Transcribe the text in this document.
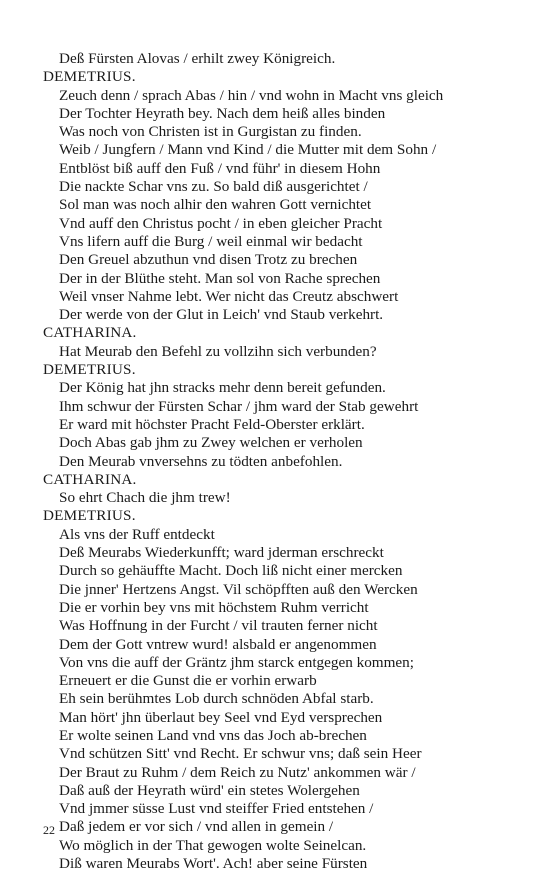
Deß Fürsten Alovas / erhilt zwey Königreich.
DEMETRIUS.
Zeuch denn / sprach Abas / hin / vnd wohn in Macht vns gleich
Der Tochter Heyrath bey. Nach dem heiß alles binden
Was noch von Christen ist in Gurgistan zu finden.
Weib / Jungfern / Mann vnd Kind / die Mutter mit dem Sohn /
Entblöst biß auff den Fuß / vnd führ' in diesem Hohn
Die nackte Schar vns zu. So bald diß ausgerichtet /
Sol man was noch alhir den wahren Gott vernichtet
Vnd auff den Christus pocht / in eben gleicher Pracht
Vns lifern auff die Burg / weil einmal wir bedacht
Den Greuel abzuthun vnd disen Trotz zu brechen
Der in der Blüthe steht. Man sol von Rache sprechen
Weil vnser Nahme lebt. Wer nicht das Creutz abschwert
Der werde von der Glut in Leich' vnd Staub verkehrt.
CATHARINA.
Hat Meurab den Befehl zu vollzihn sich verbunden?
DEMETRIUS.
Der König hat jhn stracks mehr denn bereit gefunden.
Ihm schwur der Fürsten Schar / jhm ward der Stab gewehrt
Er ward mit höchster Pracht Feld-Oberster erklärt.
Doch Abas gab jhm zu Zwey welchen er verholen
Den Meurab vnversehns zu tödten anbefohlen.
CATHARINA.
So ehrt Chach die jhm trew!
DEMETRIUS.
Als vns der Ruff entdeckt
Deß Meurabs Wiederkunfft; ward jderman erschreckt
Durch so gehäuffte Macht. Doch liß nicht einer mercken
Die jnner' Hertzens Angst. Vil schöpfften auß den Wercken
Die er vorhin bey vns mit höchstem Ruhm verricht
Was Hoffnung in der Furcht / vil trauten ferner nicht
Dem der Gott vntrew wurd! alsbald er angenommen
Von vns die auff der Gräntz jhm starck entgegen kommen;
Erneuert er die Gunst die er vorhin erwarb
Eh sein berühmtes Lob durch schnöden Abfal starb.
Man hört' jhn überlaut bey Seel vnd Eyd versprechen
Er wolte seinen Land vnd vns das Joch ab-brechen
Vnd schützen Sitt' vnd Recht. Er schwur vns; daß sein Heer
Der Braut zu Ruhm / dem Reich zu Nutz' ankommen wär /
Daß auß der Heyrath würd' ein stetes Wolergehen
Vnd jmmer süsse Lust vnd steiffer Fried entstehen /
Daß jedem er vor sich / vnd allen in gemein /
Wo möglich in der That gewogen wolte Seinelcan.
Diß waren Meurabs Wort'. Ach! aber seine Fürsten
22
